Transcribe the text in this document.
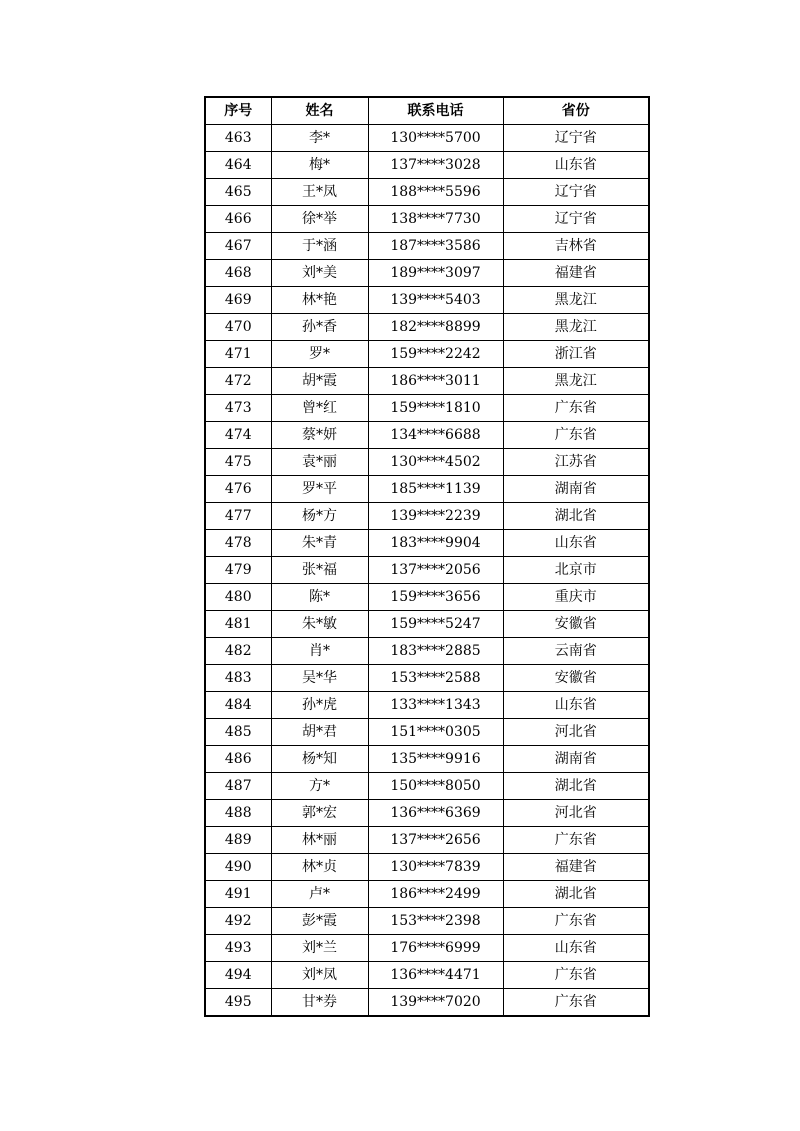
序号	姓名	联系电话	省份
463	李*	130****5700	辽宁省
464	梅*	137****3028	山东省
465	王*凤	188****5596	辽宁省
466	徐*举	138****7730	辽宁省
467	于*涵	187****3586	吉林省
468	刘*美	189****3097	福建省
469	林*艳	139****5403	黑龙江
470	孙*香	182****8899	黑龙江
471	罗*	159****2242	浙江省
472	胡*霞	186****3011	黑龙江
473	曾*红	159****1810	广东省
474	蔡*妍	134****6688	广东省
475	袁*丽	130****4502	江苏省
476	罗*平	185****1139	湖南省
477	杨*方	139****2239	湖北省
478	朱*青	183****9904	山东省
479	张*福	137****2056	北京市
480	陈*	159****3656	重庆市
481	朱*敏	159****5247	安徽省
482	肖*	183****2885	云南省
483	吴*华	153****2588	安徽省
484	孙*虎	133****1343	山东省
485	胡*君	151****0305	河北省
486	杨*知	135****9916	湖南省
487	方*	150****8050	湖北省
488	郭*宏	136****6369	河北省
489	林*丽	137****2656	广东省
490	林*贞	130****7839	福建省
491	卢*	186****2499	湖北省
492	彭*霞	153****2398	广东省
493	刘*兰	176****6999	山东省
494	刘*凤	136****4471	广东省
495	甘*券	139****7020	广东省
